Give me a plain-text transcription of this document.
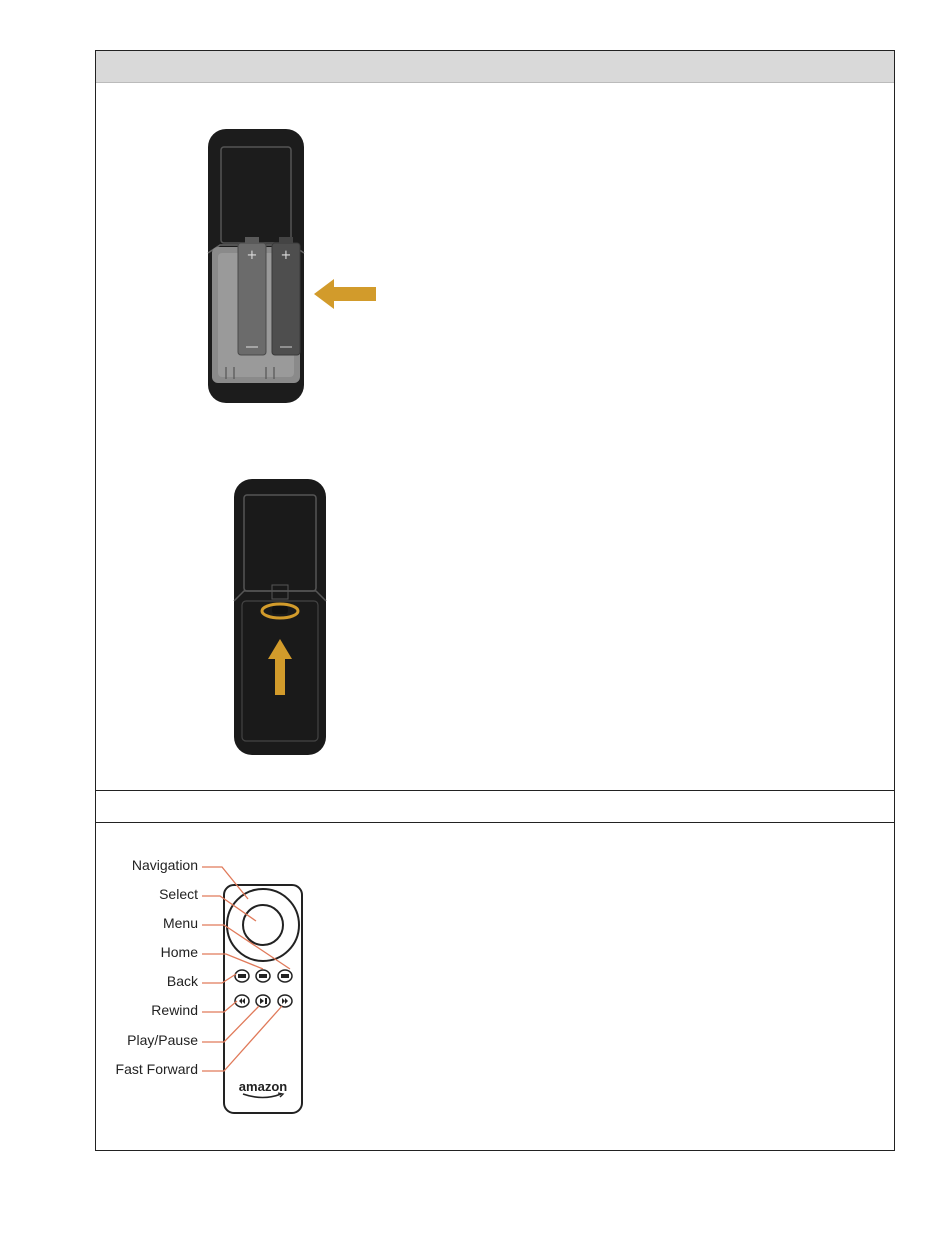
+ +
Navigation
Select
Menu
Home
Back
Rewind
Play/Pause
Fast Forward
amazon
